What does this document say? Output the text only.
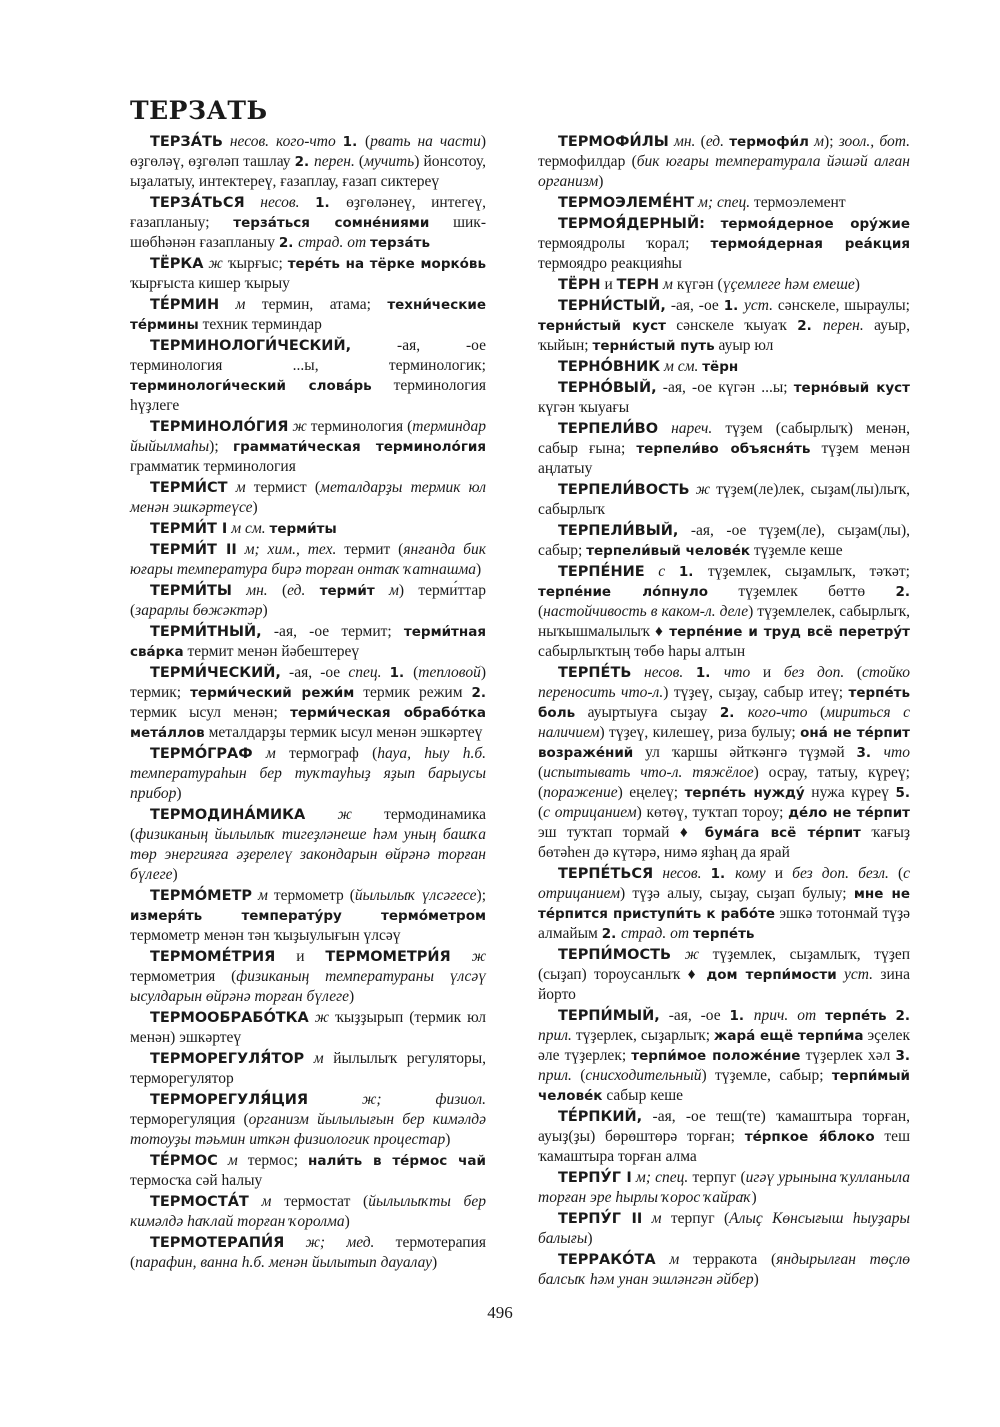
ТЕРЗАТЬ
ТЕРЗА́ТЬ несов. кого-что 1. (рвать на части) өҙгөләү, өҙгөләп ташлау 2. перен. (мучить) йонсотоу, ыҙалатыу, интектереү, ғазаплау, ғазап сиктереү
ТЕРЗА́ТЬСЯ несов. 1. өҙгөләнеү, интегеү, ғазапланыу; терза́ться сомне́ниями шик-шөбһәнән ғазапланыу 2. страд. от терза́ть
ТЁРКА ж ҡырғыс; тере́ть на тёрке морко́вь ҡырғыста кишер ҡырыу
ТЕ́РМИН м термин, атама; техни́ческие те́рмины техник терминдар
ТЕРМИНОЛОГИ́ЧЕСКИЙ, -ая, -ое терминология ...ы, терминологик; терминологи́ческий слова́рь терминология һүҙлеге
ТЕРМИНОЛО́ГИЯ ж терминология (терминдар йыйылмаһы); граммати́ческая терминоло́гия грамматик терминология
ТЕРМИ́СТ м термист (металдарҙы термик юл менән эшкәртеүсе)
ТЕРМИ́Т I м см. терми́ты
ТЕРМИ́Т II м; хим., тех. термит (янғанда бик юғары температура бирә торған онтаҡ ҡатнашма)
ТЕРМИ́ТЫ мн. (ед. терми́т м) терми́ттар (зарарлы бөжәктәр)
ТЕРМИ́ТНЫЙ, -ая, -ое термит; терми́тная сва́рка термит менән йәбештереү
ТЕРМИ́ЧЕСКИЙ, -ая, -ое спец. 1. (тепловой) термик; терми́ческий режи́м термик режим 2. термик ысул менән; терми́ческая обрабо́тка мета́ллов металдарҙы термик ысул менән эшкәртеү
ТЕРМО́ГРАФ м термограф (һауа, һыу һ.б. температураһын бер туҡтауһыҙ яҙып барыусы прибор)
ТЕРМОДИНА́МИКА ж термодинамика (физиканың йылылыҡ тигеҙләнеше һәм уның башҡа төр энергияға әҙерелеү закондарын өйрәнә торған бүлеге)
ТЕРМО́МЕТР м термометр (йылылыҡ үлсәгесе); измеря́ть температу́ру термо́метром термометр менән тән ҡыҙыулығын үлсәү
ТЕРМОМЕ́ТРИЯ и ТЕРМОМЕТРИ́Я ж термометрия (физиканың температураны үлсәү ысулдарын өйрәнә торған бүлеге)
ТЕРМООБРАБО́ТКА ж ҡыҙҙырып (термик юл менән) эшкәртеү
ТЕРМОРЕГУЛЯ́ТОР м йылылыҡ регуляторы, терморегулятор
ТЕРМОРЕГУЛЯ́ЦИЯ ж; физиол. терморегуляция (организм йылылығын бер кимәлдә тотоуҙы тәьмин иткән физиологик процестар)
ТЕ́РМОС м термос; нали́ть в те́рмос чай термосҡа сәй һалыу
ТЕРМОСТА́Т м термостат (йылылыҡты бер кимәлдә һаҡлай торған ҡоролма)
ТЕРМОТЕРАПИ́Я ж; мед. термотерапия (парафин, ванна һ.б. менән йылытып дауалау)
ТЕРМОФИ́ЛЫ мн. (ед. термофи́л м); зоол., бот. термофилдар (бик юғары температурала йәшәй алған организм)
ТЕРМОЭЛЕМЕ́НТ м; спец. термоэлемент
ТЕРМОЯ́ДЕРНЫЙ: термоя́дерное ору́жие термоядролы ҡорал; термоя́дерная реа́кция термоядро реакцияһы
ТЁРН и ТЕРН м күгән (үҫемлеге һәм емеше)
ТЕРНИ́СТЫЙ, -ая, -ое 1. уст. сәнскеле, шыраулы; терни́стый куст сәнскеле ҡыуаҡ 2. перен. ауыр, ҡыйын; терни́стый путь ауыр юл
ТЕРНО́ВНИК м см. тёрн
ТЕРНО́ВЫЙ, -ая, -ое күгән ...ы; терно́вый куст күгән ҡыуағы
ТЕРПЕЛИ́ВО нареч. түҙем (сабырлыҡ) менән, сабыр ғына; терпели́во объясня́ть түҙем менән аңлатыу
ТЕРПЕЛИ́ВОСТЬ ж түҙем(ле)лек, сыҙам(лы)лыҡ, сабырлыҡ
ТЕРПЕЛИ́ВЫЙ, -ая, -ое түҙем(ле), сыҙам(лы), сабыр; терпели́вый челове́к түҙемле кеше
ТЕРПЕ́НИЕ с 1. түҙемлек, сыҙамлыҡ, тәҡәт; терпе́ние ло́пнуло түҙемлек бөттө 2. (настойчивость в каком-л. деле) түҙемлелек, сабырлыҡ, ныҡышмалылыҡ ♦ терпе́ние и труд всё перетру́т сабырлыҡтың төбө һары алтын
ТЕРПЕ́ТЬ несов. 1. что и без доп. (стойко переносить что-л.) түҙеү, сыҙау, сабыр итеү; терпе́ть боль ауыртыуға сыҙау 2. кого-что (мириться с наличием) түҙеү, килешеү, риза булыу; она́ не те́рпит возраже́ний ул ҡаршы әйткәнгә түҙмәй 3. что (испытывать что-л. тяжёлое) осрау, татыу, күреү; (поражение) еңелеү; терпе́ть нужду́ нужа күреү 5. (с отрицанием) көтөү, туҡтап тороу; де́ло не те́рпит эш туҡтап тормай ♦ бума́га всё те́рпит ҡағыҙ бөтәһен дә күтәрә, нимә яҙһаң да ярай
ТЕРПЕ́ТЬСЯ несов. 1. кому и без доп. безл. (с отрицанием) түҙә алыу, сыҙау, сыҙап булыу; мне не те́рпится приступи́ть к рабо́те эшкә тотонмай түҙә алмайым 2. страд. от терпе́ть
ТЕРПИ́МОСТЬ ж түҙемлек, сыҙамлыҡ, түҙеп (сыҙап) тороусанлыҡ ♦ дом терпи́мости уст. зина йорто
ТЕРПИ́МЫЙ, -ая, -ое 1. прич. от терпе́ть 2. прил. түҙерлек, сыҙарлыҡ; жара́ ещё терпи́ма эҫелек әле түҙерлек; терпи́мое положе́ние түҙерлек хәл 3. прил. (снисходительный) түҙемле, сабыр; терпи́мый челове́к сабыр кеше
ТЕ́РПКИЙ, -ая, -ое теш(те) ҡамаштыра торған, ауыҙ(ҙы) бөрөштөрә торған; те́рпкое я́блоко теш ҡамаштыра торған алма
ТЕРПУ́Г I м; спец. терпуг (игәү урынына ҡулланыла торған эре һырлы ҡорос ҡайраҡ)
ТЕРПУ́Г II м терпуг (Алыҫ Көнсығыш һыуҙары балығы)
ТЕРРАКО́ТА м терракота (яндырылған төҫлө балсыҡ һәм унан эшләнгән әйбер)
496
